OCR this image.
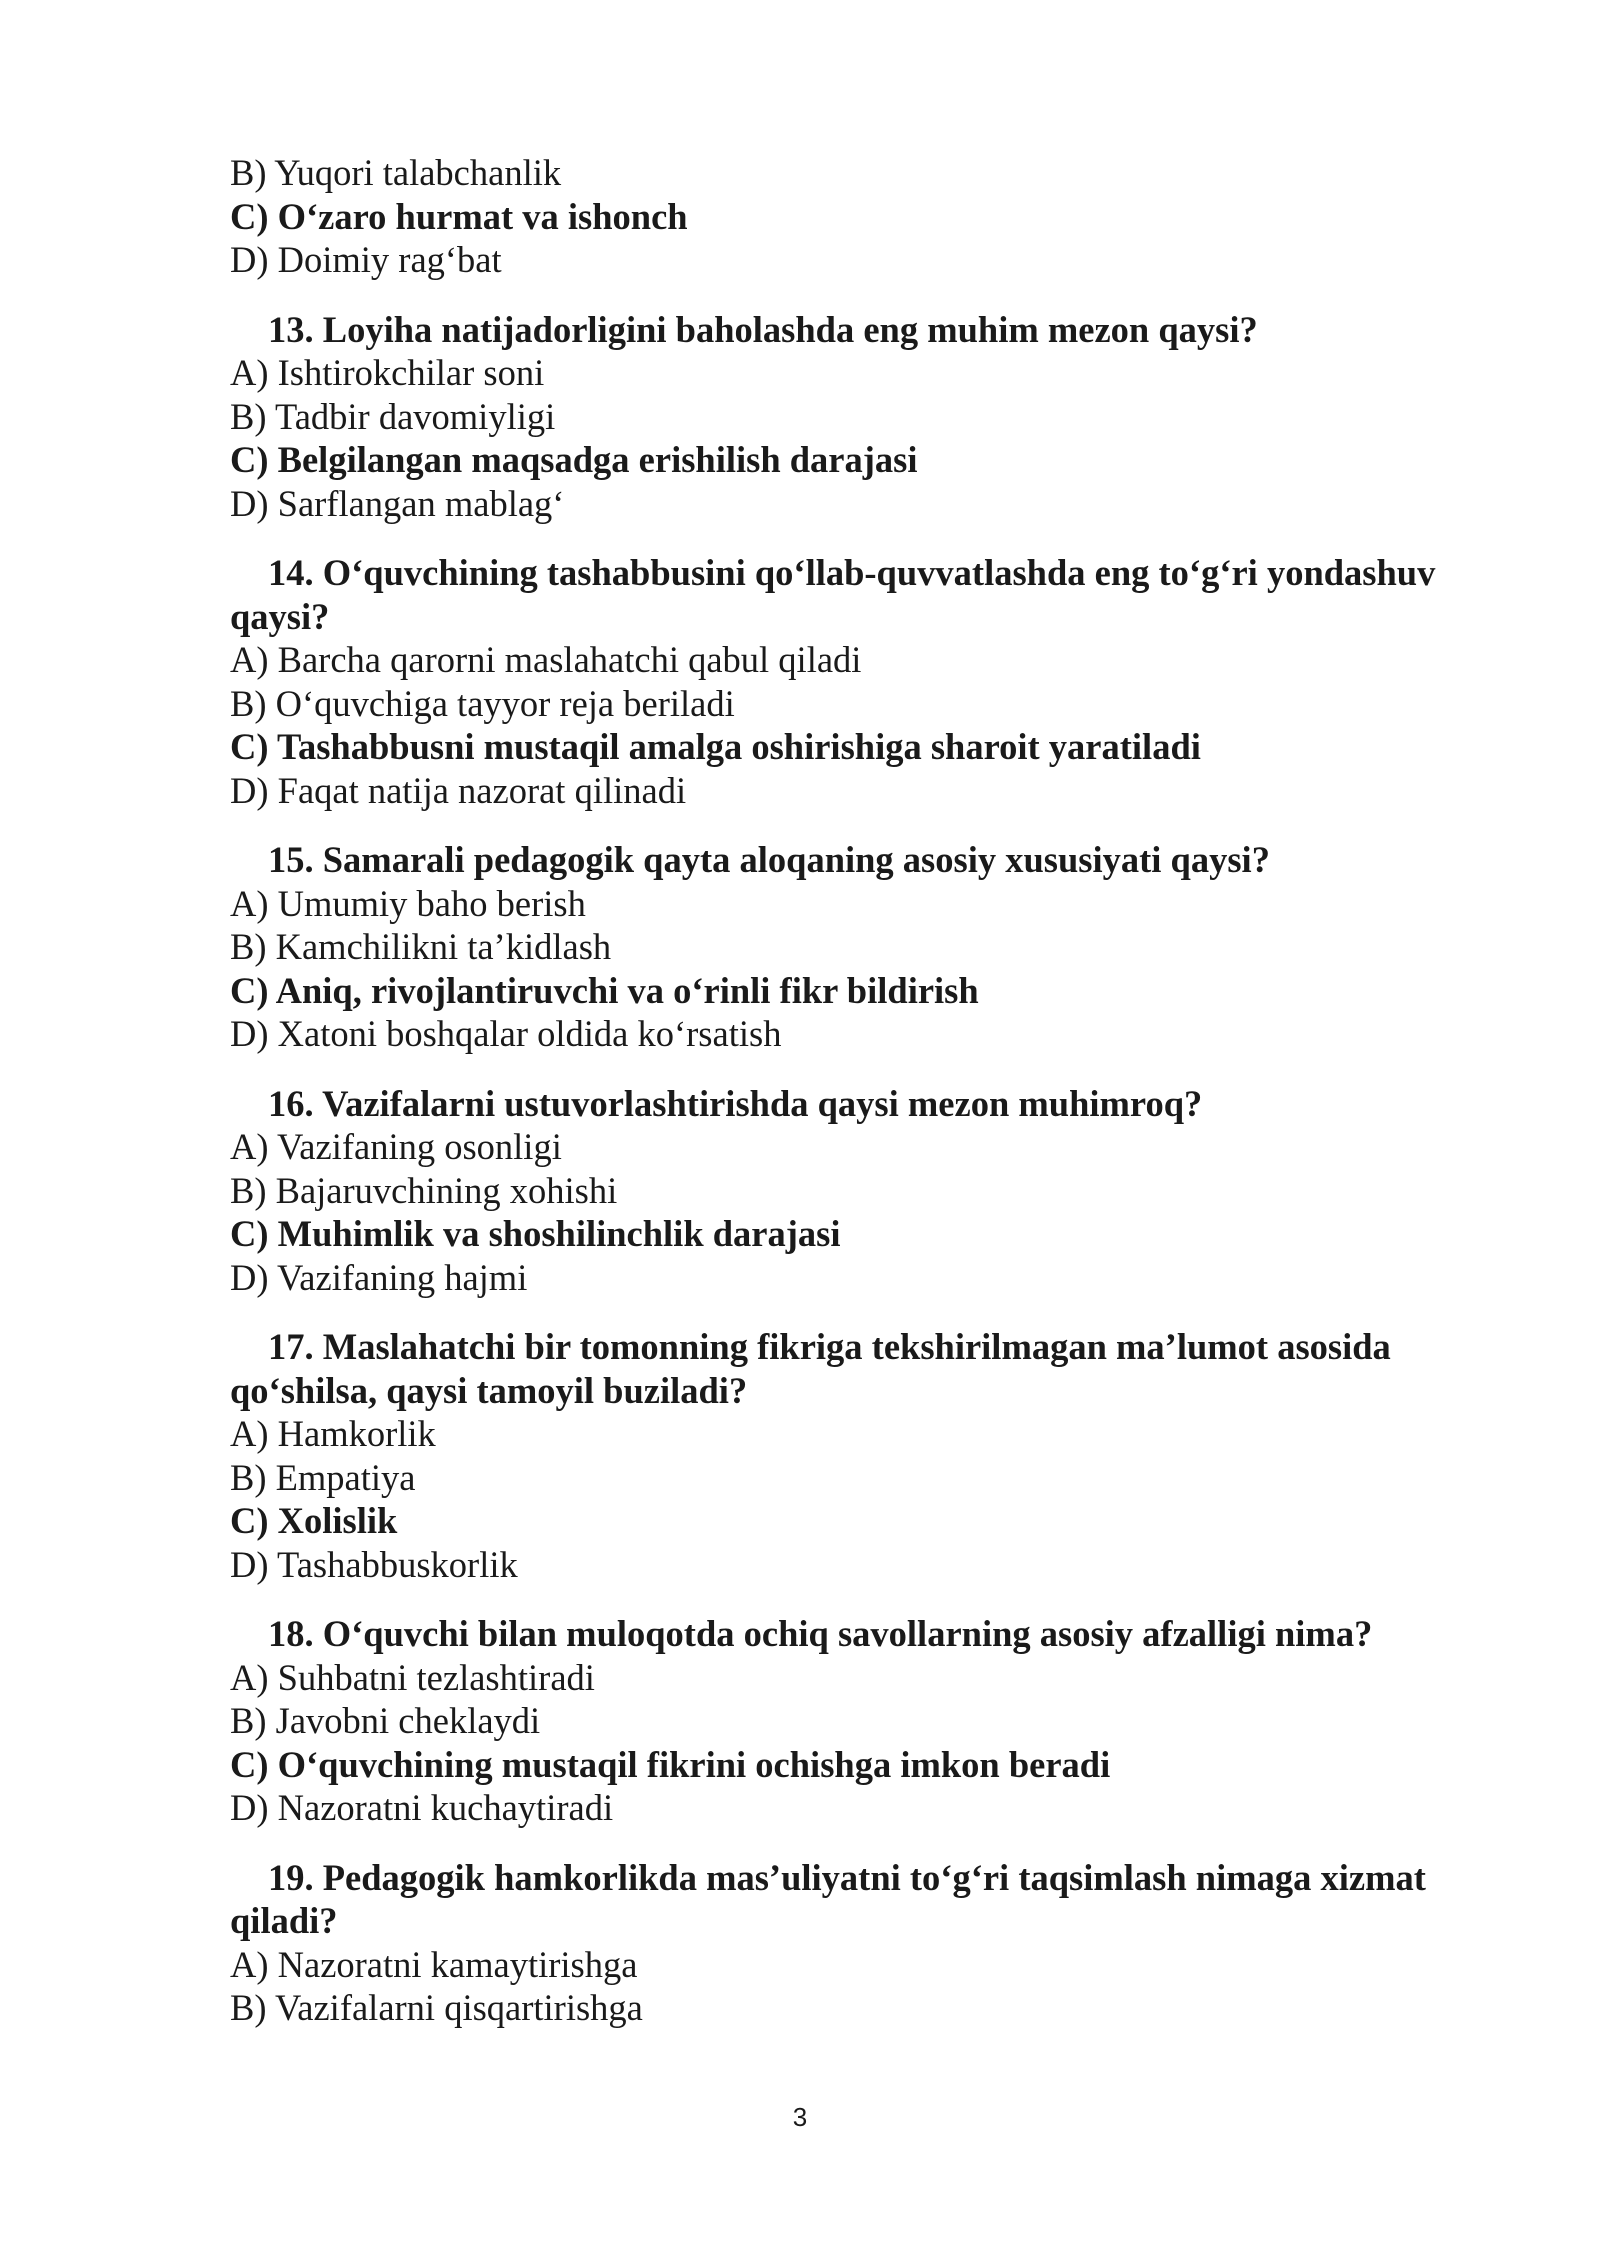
B) Yuqori talabchanlik
C) O‘zaro hurmat va ishonch
D) Doimiy rag‘bat
13. Loyiha natijadorligini baholashda eng muhim mezon qaysi?
A) Ishtirokchilar soni
B) Tadbir davomiyligi
C) Belgilangan maqsadga erishilish darajasi
D) Sarflangan mablag‘
14. O‘quvchining tashabbusini qo‘llab-quvvatlashda eng to‘g‘ri yondashuv
qaysi?
A) Barcha qarorni maslahatchi qabul qiladi
B) O‘quvchiga tayyor reja beriladi
C) Tashabbusni mustaqil amalga oshirishiga sharoit yaratiladi
D) Faqat natija nazorat qilinadi
15. Samarali pedagogik qayta aloqaning asosiy xususiyati qaysi?
A) Umumiy baho berish
B) Kamchilikni ta’kidlash
C) Aniq, rivojlantiruvchi va o‘rinli fikr bildirish
D) Xatoni boshqalar oldida ko‘rsatish
16. Vazifalarni ustuvorlashtirishda qaysi mezon muhimroq?
A) Vazifaning osonligi
B) Bajaruvchining xohishi
C) Muhimlik va shoshilinchlik darajasi
D) Vazifaning hajmi
17. Maslahatchi bir tomonning fikriga tekshirilmagan ma’lumot asosida
qo‘shilsa, qaysi tamoyil buziladi?
A) Hamkorlik
B) Empatiya
C) Xolislik
D) Tashabbuskorlik
18. O‘quvchi bilan muloqotda ochiq savollarning asosiy afzalligi nima?
A) Suhbatni tezlashtiradi
B) Javobni cheklaydi
C) O‘quvchining mustaqil fikrini ochishga imkon beradi
D) Nazoratni kuchaytiradi
19. Pedagogik hamkorlikda mas’uliyatni to‘g‘ri taqsimlash nimaga xizmat
qiladi?
A) Nazoratni kamaytirishga
B) Vazifalarni qisqartirishga
3
